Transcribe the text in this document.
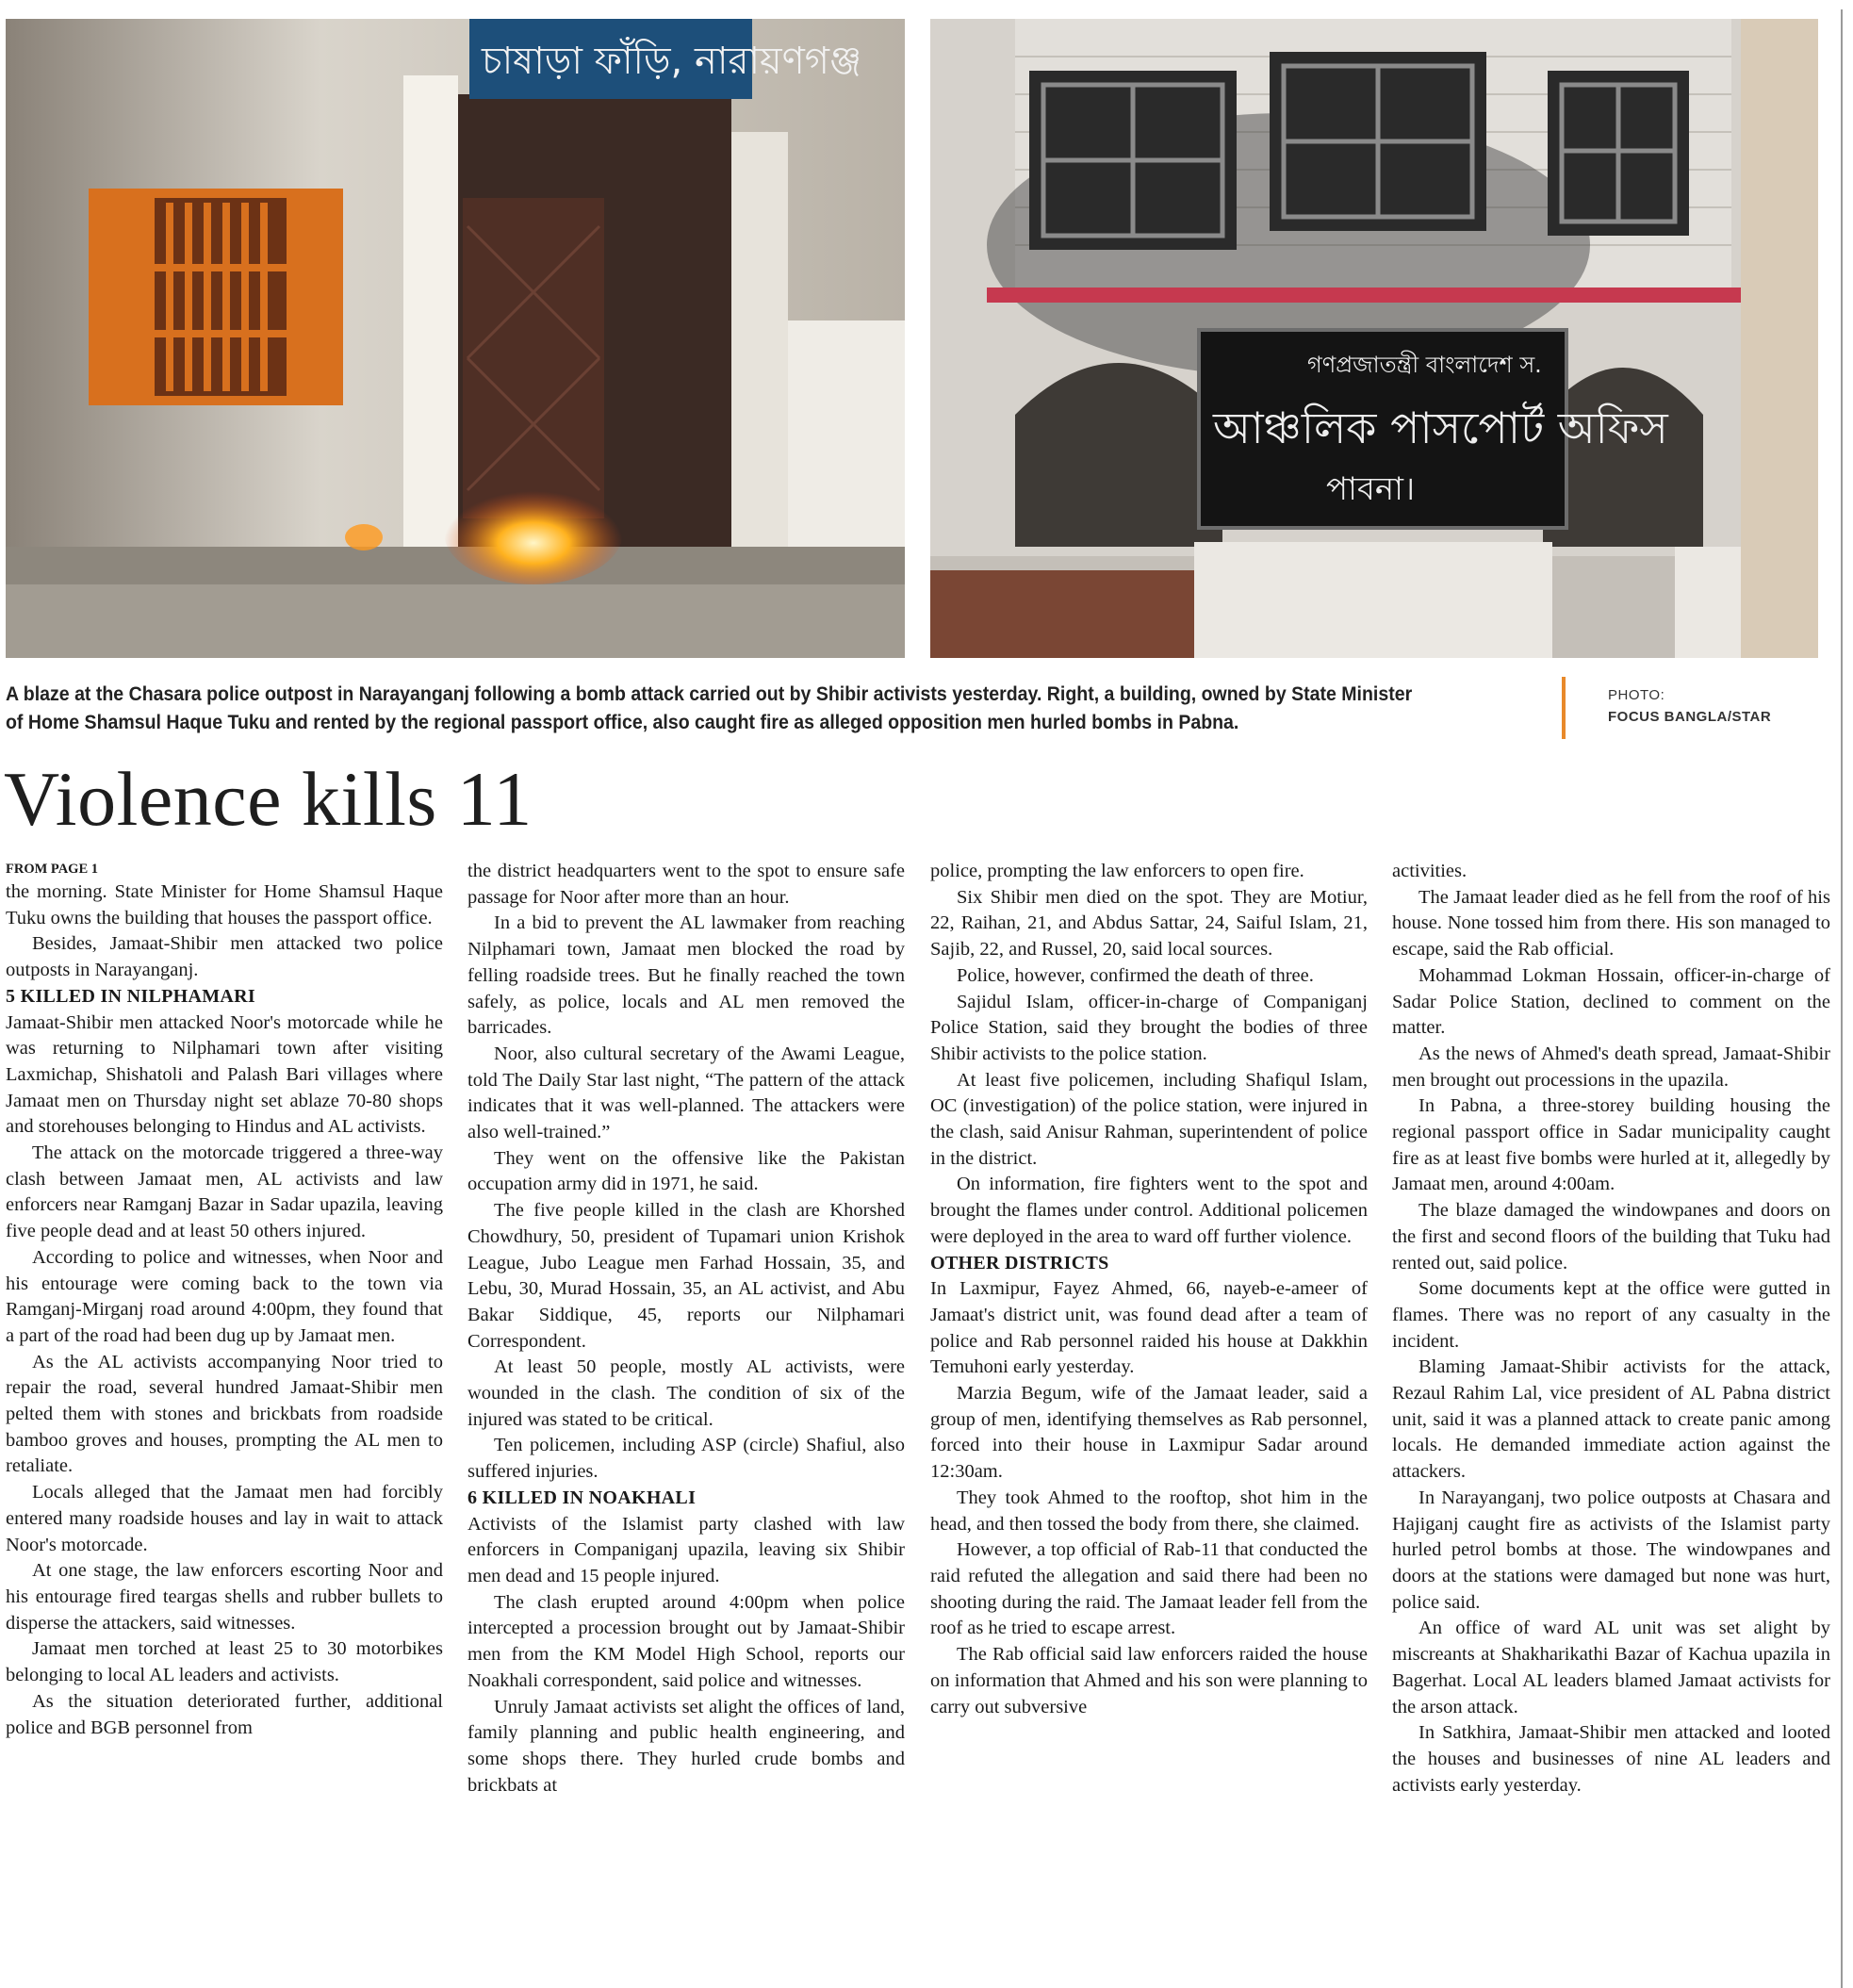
চাষাড়া ফাঁড়ি, নারায়ণগঞ্জ
গণপ্রজাতন্ত্রী বাংলাদেশ স.
আঞ্চলিক পাসপোর্ট অফিস
পাবনা।
A blaze at the Chasara police outpost in Narayanganj following a bomb attack carried out by Shibir activists yesterday. Right, a building, owned by State Minister of Home Shamsul Haque Tuku and rented by the regional passport office, also caught fire as alleged opposition men hurled bombs in Pabna.
PHOTO:
FOCUS BANGLA/STAR
Violence kills 11

FROM PAGE 1

the morning. State Minister for Home Shamsul Haque Tuku owns the building that houses the passport office.

Besides, Jamaat-Shibir men attacked two police outposts in Narayanganj.

5 KILLED IN NILPHAMARI

Jamaat-Shibir men attacked Noor's motorcade while he was returning to Nilphamari town after visiting Laxmichap, Shishatoli and Palash Bari villages where Jamaat men on Thursday night set ablaze 70-80 shops and storehouses belonging to Hindus and AL activists.

The attack on the motorcade triggered a three-way clash between Jamaat men, AL activists and law enforcers near Ramganj Bazar in Sadar upazila, leaving five people dead and at least 50 others injured.

According to police and witnesses, when Noor and his entourage were coming back to the town via Ramganj-Mirganj road around 4:00pm, they found that a part of the road had been dug up by Jamaat men.

As the AL activists accompanying Noor tried to repair the road, several hundred Jamaat-Shibir men pelted them with stones and brickbats from roadside bamboo groves and houses, prompting the AL men to retaliate.

Locals alleged that the Jamaat men had forcibly entered many roadside houses and lay in wait to attack Noor's motorcade.

At one stage, the law enforcers escorting Noor and his entourage fired teargas shells and rubber bullets to disperse the attackers, said witnesses.

Jamaat men torched at least 25 to 30 motorbikes belonging to local AL leaders and activists.

As the situation deteriorated further, additional police and BGB personnel from

the district headquarters went to the spot to ensure safe passage for Noor after more than an hour.

In a bid to prevent the AL lawmaker from reaching Nilphamari town, Jamaat men blocked the road by felling roadside trees. But he finally reached the town safely, as police, locals and AL men removed the barricades.

Noor, also cultural secretary of the Awami League, told The Daily Star last night, “The pattern of the attack indicates that it was well-planned. The attackers were also well-trained.”

They went on the offensive like the Pakistan occupation army did in 1971, he said.

The five people killed in the clash are Khorshed Chowdhury, 50, president of Tupamari union Krishok League, Jubo League men Farhad Hossain, 35, and Lebu, 30, Murad Hossain, 35, an AL activist, and Abu Bakar Siddique, 45, reports our Nilphamari Correspondent.

At least 50 people, mostly AL activists, were wounded in the clash. The condition of six of the injured was stated to be critical.

Ten policemen, including ASP (circle) Shafiul, also suffered injuries.

6 KILLED IN NOAKHALI

Activists of the Islamist party clashed with law enforcers in Companiganj upazila, leaving six Shibir men dead and 15 people injured.

The clash erupted around 4:00pm when police intercepted a procession brought out by Jamaat-Shibir men from the KM Model High School, reports our Noakhali correspondent, said police and witnesses.

Unruly Jamaat activists set alight the offices of land, family planning and public health engineering, and some shops there. They hurled crude bombs and brickbats at

police, prompting the law enforcers to open fire.

Six Shibir men died on the spot. They are Motiur, 22, Raihan, 21, and Abdus Sattar, 24, Saiful Islam, 21, Sajib, 22, and Russel, 20, said local sources.

Police, however, confirmed the death of three.

Sajidul Islam, officer-in-charge of Companiganj Police Station, said they brought the bodies of three Shibir activists to the police station.

At least five policemen, including Shafiqul Islam, OC (investigation) of the police station, were injured in the clash, said Anisur Rahman, superintendent of police in the district.

On information, fire fighters went to the spot and brought the flames under control. Additional policemen were deployed in the area to ward off further violence.

OTHER DISTRICTS

In Laxmipur, Fayez Ahmed, 66, nayeb-e-ameer of Jamaat's district unit, was found dead after a team of police and Rab personnel raided his house at Dakkhin Temuhoni early yesterday.

Marzia Begum, wife of the Jamaat leader, said a group of men, identifying themselves as Rab personnel, forced into their house in Laxmipur Sadar around 12:30am.

They took Ahmed to the rooftop, shot him in the head, and then tossed the body from there, she claimed.

However, a top official of Rab-11 that conducted the raid refuted the allegation and said there had been no shooting during the raid. The Jamaat leader fell from the roof as he tried to escape arrest.

The Rab official said law enforcers raided the house on information that Ahmed and his son were planning to carry out subversive

activities.

The Jamaat leader died as he fell from the roof of his house. None tossed him from there. His son managed to escape, said the Rab official.

Mohammad Lokman Hossain, officer-in-charge of Sadar Police Station, declined to comment on the matter.

As the news of Ahmed's death spread, Jamaat-Shibir men brought out processions in the upazila.

In Pabna, a three-storey building housing the regional passport office in Sadar municipality caught fire as at least five bombs were hurled at it, allegedly by Jamaat men, around 4:00am.

The blaze damaged the windowpanes and doors on the first and second floors of the building that Tuku had rented out, said police.

Some documents kept at the office were gutted in flames. There was no report of any casualty in the incident.

Blaming Jamaat-Shibir activists for the attack, Rezaul Rahim Lal, vice president of AL Pabna district unit, said it was a planned attack to create panic among locals. He demanded immediate action against the attackers.

In Narayanganj, two police outposts at Chasara and Hajiganj caught fire as activists of the Islamist party hurled petrol bombs at those. The windowpanes and doors at the stations were damaged but none was hurt, police said.

An office of ward AL unit was set alight by miscreants at Shakharikathi Bazar of Kachua upazila in Bagerhat. Local AL leaders blamed Jamaat activists for the arson attack.

In Satkhira, Jamaat-Shibir men attacked and looted the houses and businesses of nine AL leaders and activists early yesterday.
